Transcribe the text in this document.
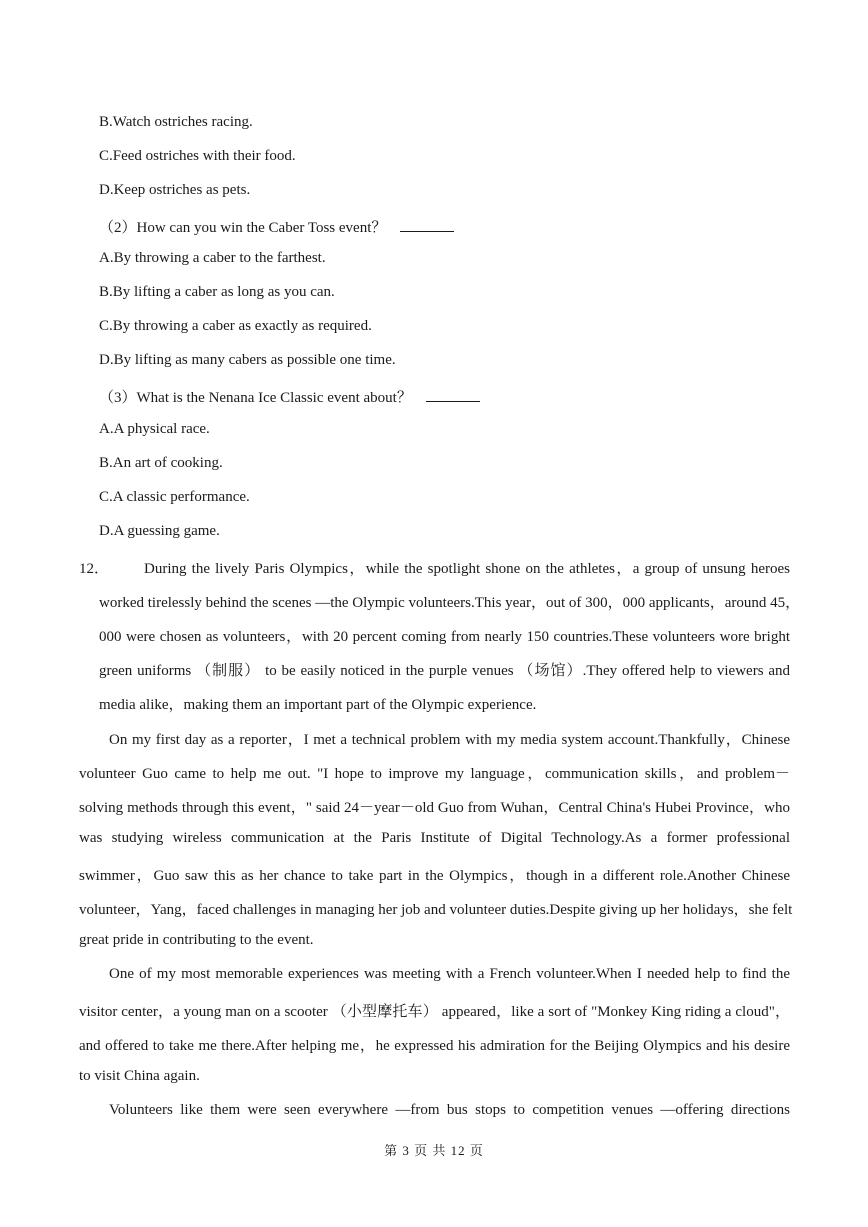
B.Watch ostriches racing.
C.Feed ostriches with their food.
D.Keep ostriches as pets.
（2）How can you win the Caber Toss event？
A.By throwing a caber to the farthest.
B.By lifting a caber as long as you can.
C.By throwing a caber as exactly as required.
D.By lifting as many cabers as possible one time.
（3）What is the Nenana Ice Classic event about？
A.A physical race.
B.An art of cooking.
C.A classic performance.
D.A guessing game.
12． During the lively Paris Olympics，while the spotlight shone on the athletes，a group of unsung heroes
worked tirelessly behind the scenes —the Olympic volunteers.This year，out of 300，000 applicants，around 45，
000 were chosen as volunteers，with 20 percent coming from nearly 150 countries.These volunteers wore bright
green uniforms （制服） to be easily noticed in the purple venues （场馆）.They offered help to viewers and
media alike，making them an important part of the Olympic experience.
On my first day as a reporter，I met a technical problem with my media system account.Thankfully，Chinese
volunteer Guo came to help me out. "I hope to improve my language，communication skills，and problem－
solving methods through this event，" said 24－year－old Guo from Wuhan，Central China's Hubei Province，who
was studying wireless communication at the Paris Institute of Digital Technology.As a former professional
swimmer，Guo saw this as her chance to take part in the Olympics，though in a different role.Another Chinese
volunteer，Yang，faced challenges in managing her job and volunteer duties.Despite giving up her holidays，she felt
great pride in contributing to the event.
One of my most memorable experiences was meeting with a French volunteer.When I needed help to find the
visitor center，a young man on a scooter （小型摩托车） appeared，like a sort of "Monkey King riding a cloud"，
and offered to take me there.After helping me，he expressed his admiration for the Beijing Olympics and his desire
to visit China again.
Volunteers like them were seen everywhere —from bus stops to competition venues —offering directions
第 3 页 共 12 页
